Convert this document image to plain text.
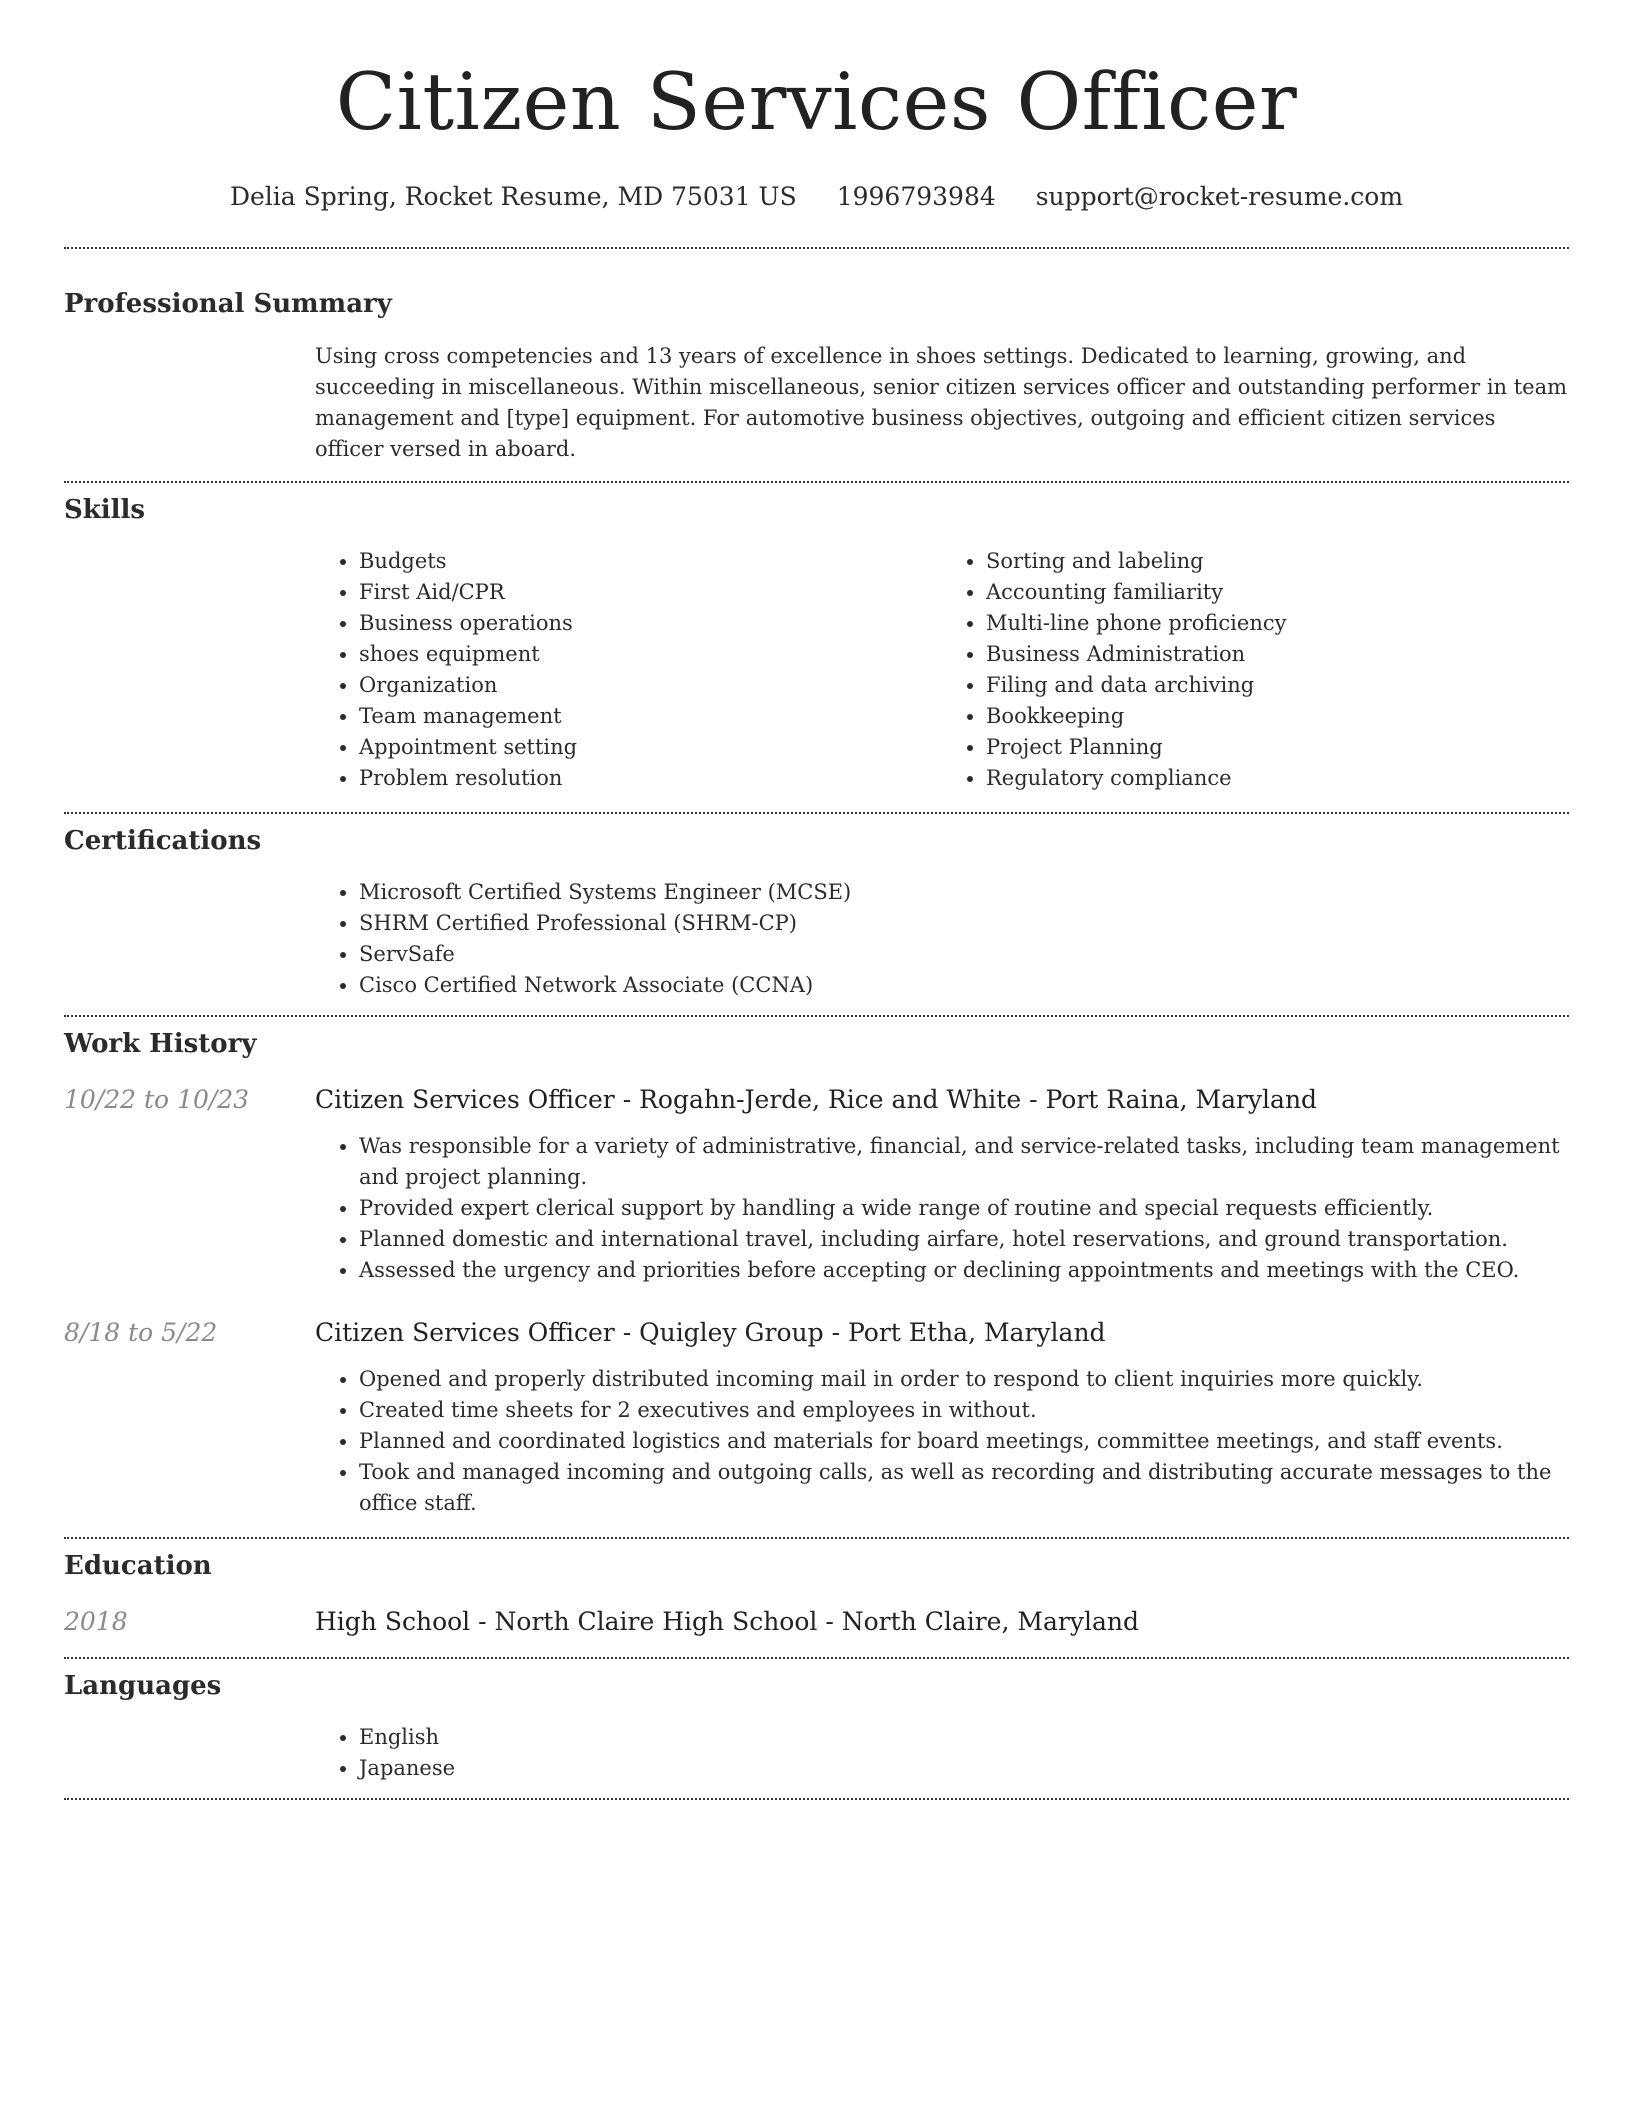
Citizen Services Officer
Delia Spring, Rocket Resume, MD 75031 US 1996793984 support@rocket-resume.com
Professional Summary
Using cross competencies and 13 years of excellence in shoes settings. Dedicated to learning, growing, and succeeding in miscellaneous. Within miscellaneous, senior citizen services officer and outstanding performer in team management and [type] equipment. For automotive business objectives, outgoing and efficient citizen services officer versed in aboard.
Skills
• Budgets
• First Aid/CPR
• Business operations
• shoes equipment
• Organization
• Team management
• Appointment setting
• Problem resolution
• Sorting and labeling
• Accounting familiarity
• Multi-line phone proficiency
• Business Administration
• Filing and data archiving
• Bookkeeping
• Project Planning
• Regulatory compliance
Certifications
• Microsoft Certified Systems Engineer (MCSE)
• SHRM Certified Professional (SHRM-CP)
• ServSafe
• Cisco Certified Network Associate (CCNA)
Work History
10/22 to 10/23	Citizen Services Officer - Rogahn-Jerde, Rice and White - Port Raina, Maryland
• Was responsible for a variety of administrative, financial, and service-related tasks, including team management and project planning.
• Provided expert clerical support by handling a wide range of routine and special requests efficiently.
• Planned domestic and international travel, including airfare, hotel reservations, and ground transportation.
• Assessed the urgency and priorities before accepting or declining appointments and meetings with the CEO.
8/18 to 5/22	Citizen Services Officer - Quigley Group - Port Etha, Maryland
• Opened and properly distributed incoming mail in order to respond to client inquiries more quickly.
• Created time sheets for 2 executives and employees in without.
• Planned and coordinated logistics and materials for board meetings, committee meetings, and staff events.
• Took and managed incoming and outgoing calls, as well as recording and distributing accurate messages to the office staff.
Education
2018	High School - North Claire High School - North Claire, Maryland
Languages
• English
• Japanese
